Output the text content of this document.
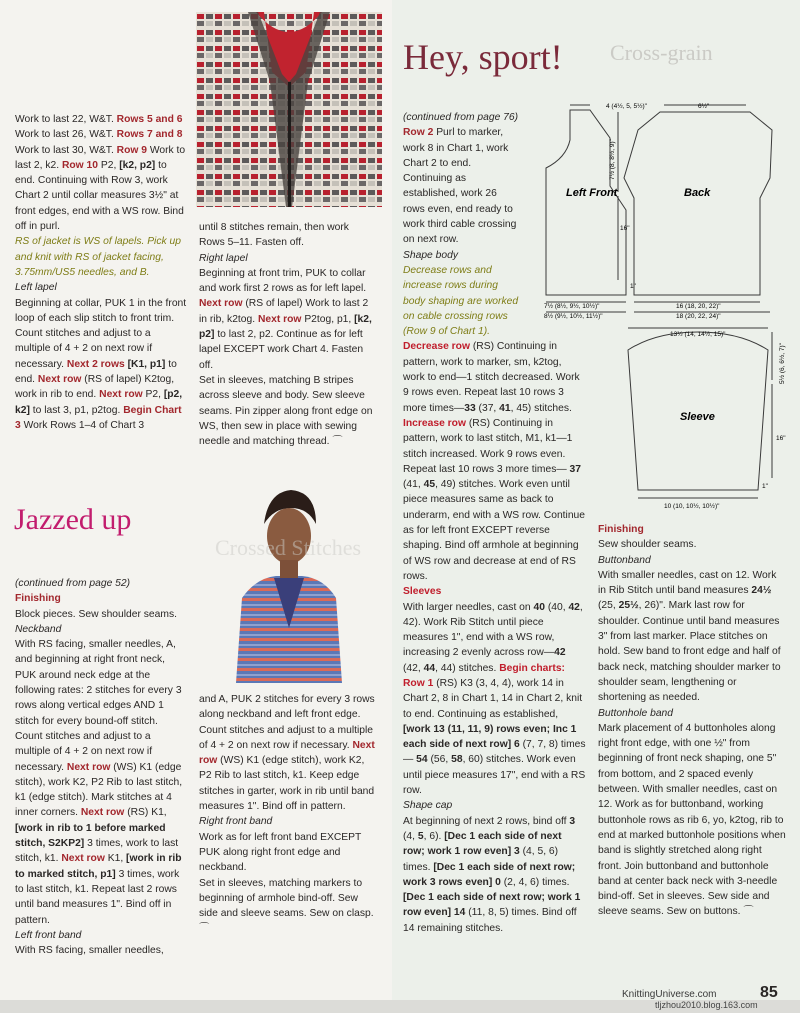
Crossed Stitches
Cross-grain

Work to last 22, W&T. Rows 5 and 6 Work to last 26, W&T. Rows 7 and 8 Work to last 30, W&T. Row 9 Work to last 2, k2. Row 10 P2, [k2, p2] to end. Continuing with Row 3, work Chart 2 until collar measures 3½" at front edges, end with a WS row. Bind off in purl.

RS of jacket is WS of lapels. Pick up and knit with RS of jacket facing, 3.75mm/US5 needles, and B.

Left lapel

Beginning at collar, PUK 1 in the front loop of each slip stitch to front trim. Count stitches and adjust to a multiple of 4 + 2 on next row if necessary. Next 2 rows [K1, p1] to end. Next row (RS of lapel) K2tog, work in rib to end. Next row P2, [p2, k2] to last 3, p1, p2tog. Begin Chart 3 Work Rows 1–4 of Chart 3

until 8 stitches remain, then work Rows 5–11. Fasten off.

Right lapel

Beginning at front trim, PUK to collar and work first 2 rows as for left lapel. Next row (RS of lapel) Work to last 2 in rib, k2tog. Next row P2tog, p1, [k2, p2] to last 2, p2. Continue as for left lapel EXCEPT work Chart 4. Fasten off.

Set in sleeves, matching B stripes across sleeve and body. Sew sleeve seams. Pin zipper along front edge on WS, then sew in place with sewing needle and matching thread. ⌒

Jazzed up

(continued from page 52)

Finishing

Block pieces. Sew shoulder seams.

Neckband

With RS facing, smaller needles, A, and beginning at right front neck, PUK around neck edge at the following rates: 2 stitches for every 3 rows along vertical edges AND 1 stitch for every bound-off stitch. Count stitches and adjust to a multiple of 4 + 2 on next row if necessary. Next row (WS) K1 (edge stitch), work K2, P2 Rib to last stitch, k1 (edge stitch). Mark stitches at 4 inner corners. Next row (RS) K1, [work in rib to 1 before marked stitch, S2KP2] 3 times, work to last stitch, k1. Next row K1, [work in rib to marked stitch, p1] 3 times, work to last stitch, k1. Repeat last 2 rows until band measures 1". Bind off in pattern.

Left front band

With RS facing, smaller needles,

and A, PUK 2 stitches for every 3 rows along neckband and left front edge. Count stitches and adjust to a multiple of 4 + 2 on next row if necessary. Next row (WS) K1 (edge stitch), work K2, P2 Rib to last stitch, k1. Keep edge stitches in garter, work in rib until band measures 1". Bind off in pattern.

Right front band

Work as for left front band EXCEPT PUK along right front edge and neckband.

Set in sleeves, matching markers to beginning of armhole bind-off. Sew side and sleeve seams. Sew on clasp. ⌒

Hey, sport!

(continued from page 76)

Row 2 Purl to marker, work 8 in Chart 1, work Chart 2 to end. Continuing as established, work 26 rows even, end ready to work third cable crossing on next row.

Shape body

Decrease rows and increase rows during body shaping are worked on cable crossing rows (Row 9 of Chart 1).

Decrease row (RS) Continuing in pattern, work to marker, sm, k2tog, work to end—1 stitch decreased. Work 9 rows even. Repeat last 10 rows 3 more times—33 (37, 41, 45) stitches.

Increase row (RS) Continuing in pattern, work to last stitch, M1, k1—1 stitch increased. Work 9 rows even. Repeat last 10 rows 3 more times— 37 (41, 45, 49) stitches. Work even until piece measures same as back to underarm, end with a WS row. Continue as for left front EXCEPT reverse shaping. Bind off armhole at beginning of WS row and decrease at end of RS rows.

Sleeves

With larger needles, cast on 40 (40, 42, 42). Work Rib Stitch until piece measures 1", end with a WS row, increasing 2 evenly across row—42 (42, 44, 44) stitches. Begin charts: Row 1 (RS) K3 (3, 4, 4), work 14 in Chart 2, 8 in Chart 1, 14 in Chart 2, knit to end. Continuing as established, [work 13 (11, 11, 9) rows even; Inc 1 each side of next row] 6 (7, 7, 8) times — 54 (56, 58, 60) stitches. Work even until piece measures 17", end with a RS row.

Shape cap

At beginning of next 2 rows, bind off 3 (4, 5, 6). [Dec 1 each side of next row; work 1 row even] 3 (4, 5, 6) times. [Dec 1 each side of next row; work 3 rows even] 0 (2, 4, 6) times. [Dec 1 each side of next row; work 1 row even] 14 (11, 8, 5) times. Bind off 14 remaining stitches.

Finishing

Sew shoulder seams.

Buttonband

With smaller needles, cast on 12. Work in Rib Stitch until band measures 24½ (25, 25½, 26)". Mark last row for shoulder. Continue until band measures 3" from last marker. Place stitches on hold. Sew band to front edge and half of back neck, matching shoulder marker to shoulder seam, lengthening or shortening as needed.

Buttonhole band

Mark placement of 4 buttonholes along right front edge, with one ½" from beginning of front neck shaping, one 5" from bottom, and 2 spaced evenly between. With smaller needles, cast on 12. Work as for buttonband, working buttonhole rows as rib 6, yo, k2tog, rib to end at marked buttonhole positions when band is slightly stretched along right front. Join buttonband and buttonhole band at center back neck with 3-needle bind-off. Set in sleeves. Sew side and sleeve seams. Sew on buttons. ⌒

Left Front	Back
Sleeve
4 (4½, 5, 5½)"	6½"
7½ (8, 8½, 9)"
16"
1"
7½ (8½, 9½, 10½)"
8½ (9½, 10½, 11½)"
16 (18, 20, 22)"
18 (20, 22, 24)"
13½ (14, 14½, 15)"
5½ (6, 6½, 7)"
16"
1"
10 (10, 10½, 10½)"
KnittingUniverse.com	85
tljzhou2010.blog.163.com
